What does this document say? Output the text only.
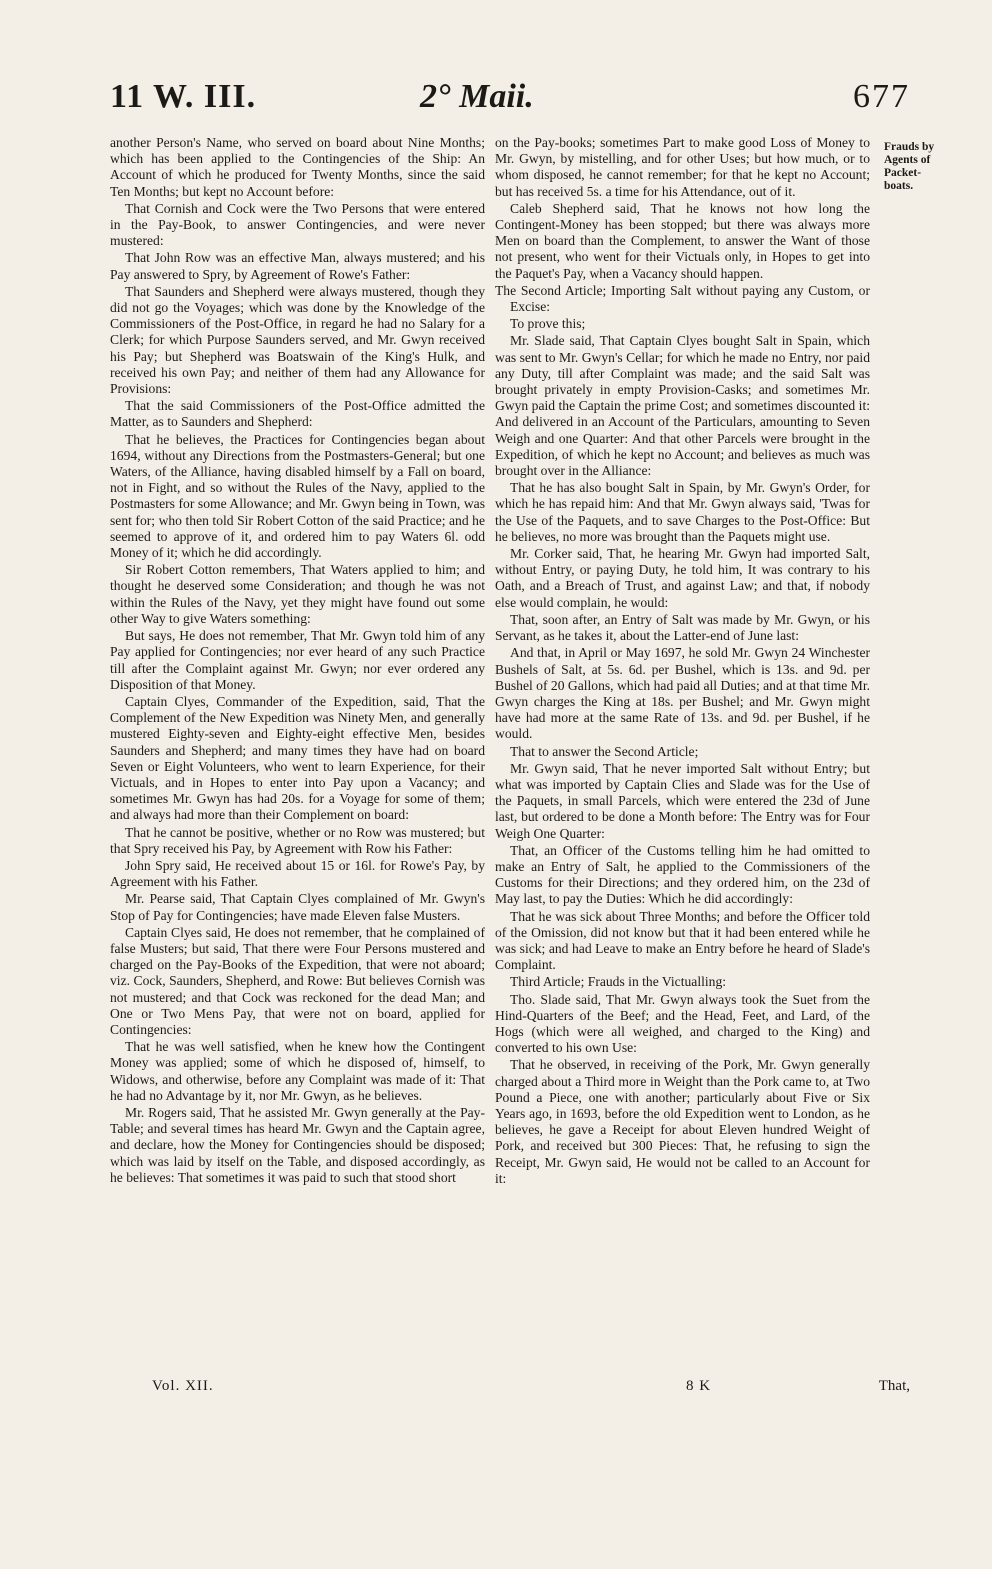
11 W. III.	2° Maii.	677

another Person's Name, who served on board about Nine Months; which has been applied to the Contingencies of the Ship: An Account of which he produced for Twenty Months, since the said Ten Months; but kept no Account before:

That Cornish and Cock were the Two Persons that were entered in the Pay-Book, to answer Contingencies, and were never mustered:

That John Row was an effective Man, always mustered; and his Pay answered to Spry, by Agreement of Rowe's Father:

That Saunders and Shepherd were always mustered, though they did not go the Voyages; which was done by the Knowledge of the Commissioners of the Post-Office, in regard he had no Salary for a Clerk; for which Purpose Saunders served, and Mr. Gwyn received his Pay; but Shepherd was Boatswain of the King's Hulk, and received his own Pay; and neither of them had any Allowance for Provisions:

That the said Commissioners of the Post-Office admitted the Matter, as to Saunders and Shepherd:

That he believes, the Practices for Contingencies began about 1694, without any Directions from the Postmasters-General; but one Waters, of the Alliance, having disabled himself by a Fall on board, not in Fight, and so without the Rules of the Navy, applied to the Postmasters for some Allowance; and Mr. Gwyn being in Town, was sent for; who then told Sir Robert Cotton of the said Practice; and he seemed to approve of it, and ordered him to pay Waters 6l. odd Money of it; which he did accordingly.

Sir Robert Cotton remembers, That Waters applied to him; and thought he deserved some Consideration; and though he was not within the Rules of the Navy, yet they might have found out some other Way to give Waters something:

But says, He does not remember, That Mr. Gwyn told him of any Pay applied for Contingencies; nor ever heard of any such Practice till after the Complaint against Mr. Gwyn; nor ever ordered any Disposition of that Money.

Captain Clyes, Commander of the Expedition, said, That the Complement of the New Expedition was Ninety Men, and generally mustered Eighty-seven and Eighty-eight effective Men, besides Saunders and Shepherd; and many times they have had on board Seven or Eight Volunteers, who went to learn Experience, for their Victuals, and in Hopes to enter into Pay upon a Vacancy; and sometimes Mr. Gwyn has had 20s. for a Voyage for some of them; and always had more than their Complement on board:

That he cannot be positive, whether or no Row was mustered; but that Spry received his Pay, by Agreement with Row his Father:

John Spry said, He received about 15 or 16l. for Rowe's Pay, by Agreement with his Father.

Mr. Pearse said, That Captain Clyes complained of Mr. Gwyn's Stop of Pay for Contingencies; have made Eleven false Musters.

Captain Clyes said, He does not remember, that he complained of false Musters; but said, That there were Four Persons mustered and charged on the Pay-Books of the Expedition, that were not aboard; viz. Cock, Saunders, Shepherd, and Rowe: But believes Cornish was not mustered; and that Cock was reckoned for the dead Man; and One or Two Mens Pay, that were not on board, applied for Contingencies:

That he was well satisfied, when he knew how the Contingent Money was applied; some of which he disposed of, himself, to Widows, and otherwise, before any Complaint was made of it: That he had no Advantage by it, nor Mr. Gwyn, as he believes.

Mr. Rogers said, That he assisted Mr. Gwyn generally at the Pay-Table; and several times has heard Mr. Gwyn and the Captain agree, and declare, how the Money for Contingencies should be disposed; which was laid by itself on the Table, and disposed accordingly, as he believes: That sometimes it was paid to such that stood short

on the Pay-books; sometimes Part to make good Loss of Money to Mr. Gwyn, by mistelling, and for other Uses; but how much, or to whom disposed, he cannot remember; for that he kept no Account; but has received 5s. a time for his Attendance, out of it.

Caleb Shepherd said, That he knows not how long the Contingent-Money has been stopped; but there was always more Men on board than the Complement, to answer the Want of those not present, who went for their Victuals only, in Hopes to get into the Paquet's Pay, when a Vacancy should happen.

The Second Article; Importing Salt without paying any Custom, or Excise:

To prove this;

Mr. Slade said, That Captain Clyes bought Salt in Spain, which was sent to Mr. Gwyn's Cellar; for which he made no Entry, nor paid any Duty, till after Complaint was made; and the said Salt was brought privately in empty Provision-Casks; and sometimes Mr. Gwyn paid the Captain the prime Cost; and sometimes discounted it: And delivered in an Account of the Particulars, amounting to Seven Weigh and one Quarter: And that other Parcels were brought in the Expedition, of which he kept no Account; and believes as much was brought over in the Alliance:

That he has also bought Salt in Spain, by Mr. Gwyn's Order, for which he has repaid him: And that Mr. Gwyn always said, 'Twas for the Use of the Paquets, and to save Charges to the Post-Office: But he believes, no more was brought than the Paquets might use.

Mr. Corker said, That, he hearing Mr. Gwyn had imported Salt, without Entry, or paying Duty, he told him, It was contrary to his Oath, and a Breach of Trust, and against Law; and that, if nobody else would complain, he would:

That, soon after, an Entry of Salt was made by Mr. Gwyn, or his Servant, as he takes it, about the Latter-end of June last:

And that, in April or May 1697, he sold Mr. Gwyn 24 Winchester Bushels of Salt, at 5s. 6d. per Bushel, which is 13s. and 9d. per Bushel of 20 Gallons, which had paid all Duties; and at that time Mr. Gwyn charges the King at 18s. per Bushel; and Mr. Gwyn might have had more at the same Rate of 13s. and 9d. per Bushel, if he would.

That to answer the Second Article;

Mr. Gwyn said, That he never imported Salt without Entry; but what was imported by Captain Clies and Slade was for the Use of the Paquets, in small Parcels, which were entered the 23d of June last, but ordered to be done a Month before: The Entry was for Four Weigh One Quarter:

That, an Officer of the Customs telling him he had omitted to make an Entry of Salt, he applied to the Commissioners of the Customs for their Directions; and they ordered him, on the 23d of May last, to pay the Duties: Which he did accordingly:

That he was sick about Three Months; and before the Officer told of the Omission, did not know but that it had been entered while he was sick; and had Leave to make an Entry before he heard of Slade's Complaint.

Third Article; Frauds in the Victualling:

Tho. Slade said, That Mr. Gwyn always took the Suet from the Hind-Quarters of the Beef; and the Head, Feet, and Lard, of the Hogs (which were all weighed, and charged to the King) and converted to his own Use:

That he observed, in receiving of the Pork, Mr. Gwyn generally charged about a Third more in Weight than the Pork came to, at Two Pound a Piece, one with another; particularly about Five or Six Years ago, in 1693, before the old Expedition went to London, as he believes, he gave a Receipt for about Eleven hundred Weight of Pork, and received but 300 Pieces: That, he refusing to sign the Receipt, Mr. Gwyn said, He would not be called to an Account for it:

Frauds by
Agents of
Packet-
boats.
Vol. XII.	8 K	That,
